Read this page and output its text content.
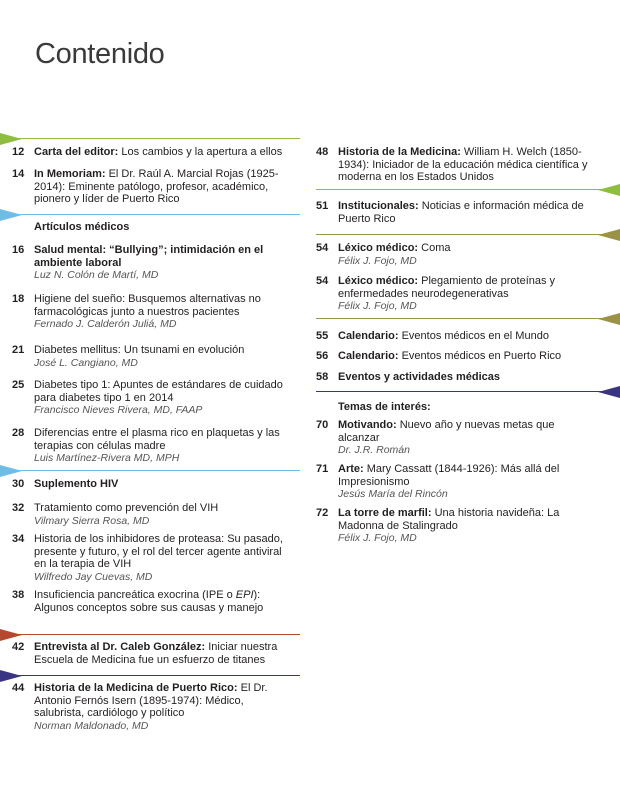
Contenido
12 Carta del editor: Los cambios y la apertura a ellos
14 In Memoriam: El Dr. Raúl A. Marcial Rojas (1925-2014): Eminente patólogo, profesor, académico, pionero y líder de Puerto Rico
Artículos médicos
16 Salud mental: “Bullying”; intimidación en el ambiente laboral
Luz N. Colón de Martí, MD
18 Higiene del sueño: Busquemos alternativas no farmacológicas junto a nuestros pacientes
Fernado J. Calderón Juliá, MD
21 Diabetes mellitus: Un tsunami en evolución
José L. Cangiano, MD
25 Diabetes tipo 1: Apuntes de estándares de cuidado para diabetes tipo 1 en 2014
Francisco Nieves Rivera, MD, FAAP
28 Diferencias entre el plasma rico en plaquetas y las terapias con células madre
Luis Martínez-Rivera MD, MPH
30 Suplemento HIV
32 Tratamiento como prevención del VIH
Vilmary Sierra Rosa, MD
34 Historia de los inhibidores de proteasa: Su pasado, presente y futuro, y el rol del tercer agente antiviral en la terapia de VIH
Wilfredo Jay Cuevas, MD
38 Insuficiencia pancreática exocrina (IPE o EPI): Algunos conceptos sobre sus causas y manejo
42 Entrevista al Dr. Caleb González: Iniciar nuestra Escuela de Medicina fue un esfuerzo de titanes
44 Historia de la Medicina de Puerto Rico: El Dr. Antonio Fernós Isern (1895-1974): Médico, salubrista, cardiólogo y político
Norman Maldonado, MD
48 Historia de la Medicina: William H. Welch (1850-1934): Iniciador de la educación médica científica y moderna en los Estados Unidos
51 Institucionales: Noticias e información médica de Puerto Rico
54 Léxico médico: Coma
Félix J. Fojo, MD
54 Léxico médico: Plegamiento de proteínas y enfermedades neurodegenerativas
Félix J. Fojo, MD
55 Calendario: Eventos médicos en el Mundo
56 Calendario: Eventos médicos en Puerto Rico
58 Eventos y actividades médicas
Temas de interés:
70 Motivando: Nuevo año y nuevas metas que alcanzar
Dr. J.R. Román
71 Arte: Mary Cassatt (1844-1926): Más allá del Impresionismo
Jesús María del Rincón
72 La torre de marfil: Una historia navideña: La Madonna de Stalingrado
Félix J. Fojo, MD
